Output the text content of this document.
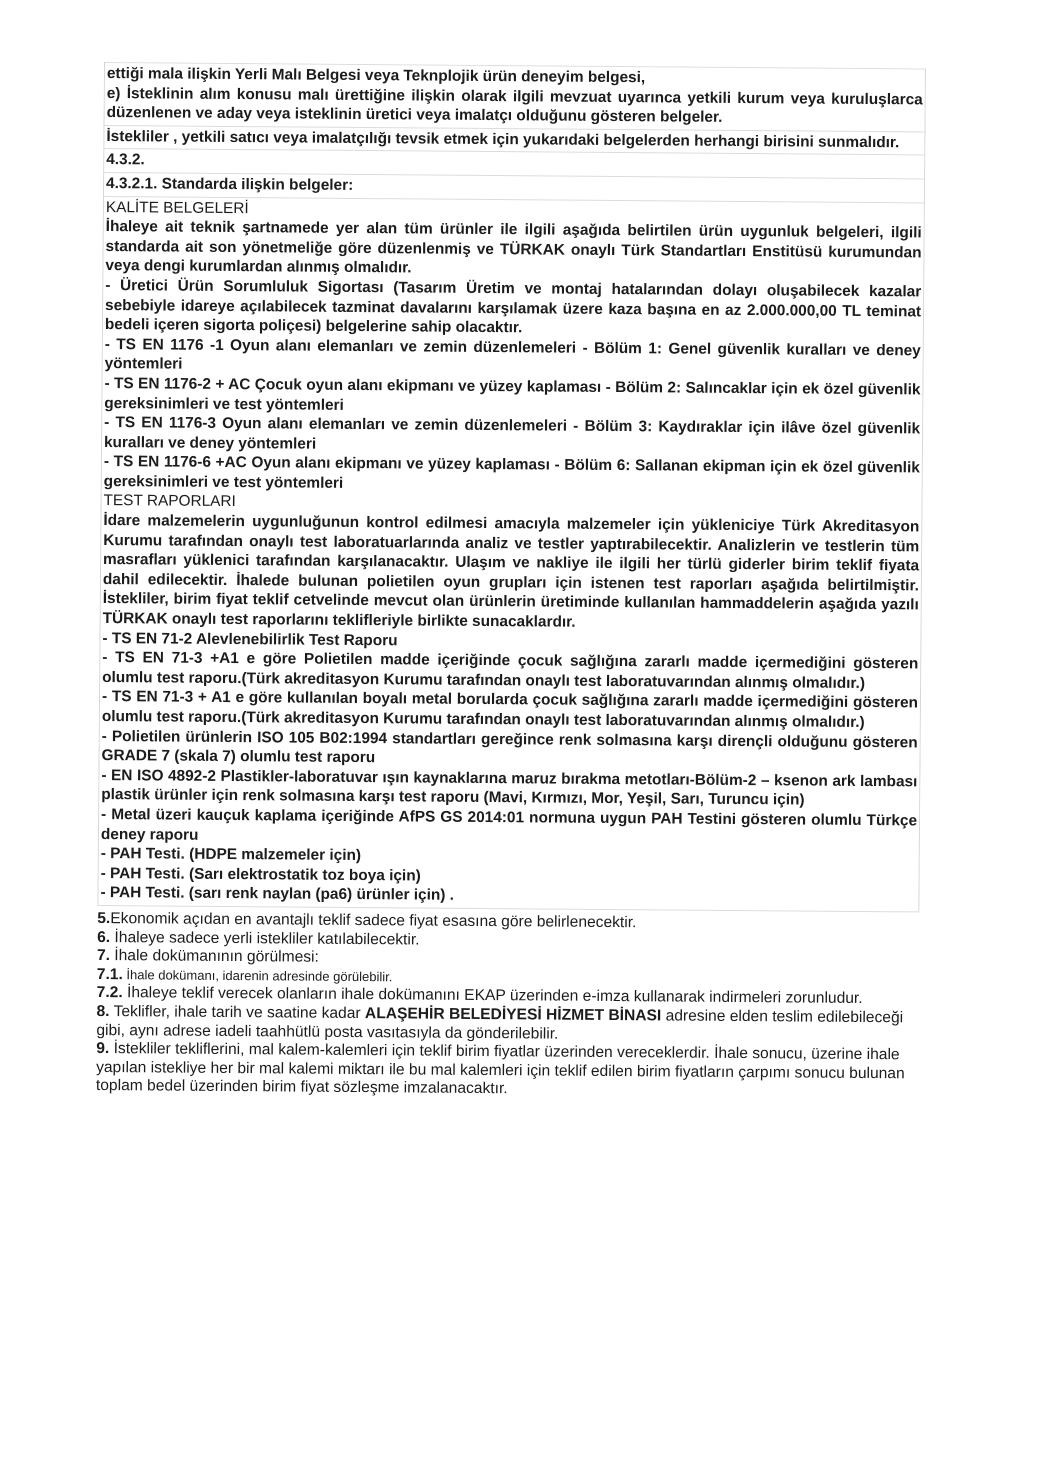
ettiği mala ilişkin Yerli Malı Belgesi veya Teknplojik ürün deneyim belgesi,

e) İsteklinin alım konusu malı ürettiğine ilişkin olarak ilgili mevzuat uyarınca yetkili kurum veya kuruluşlarca düzenlenen ve aday veya isteklinin üretici veya imalatçı olduğunu gösteren belgeler.

İstekliler , yetkili satıcı veya imalatçılığı tevsik etmek için yukarıdaki belgelerden herhangi birisini sunmalıdır.

4.3.2.

4.3.2.1. Standarda ilişkin belgeler:

KALİTE BELGELERİ

İhaleye ait teknik şartnamede yer alan tüm ürünler ile ilgili aşağıda belirtilen ürün uygunluk belgeleri, ilgili standarda ait son yönetmeliğe göre düzenlenmiş ve TÜRKAK onaylı Türk Standartları Enstitüsü kurumundan veya dengi kurumlardan alınmış olmalıdır.

- Üretici Ürün Sorumluluk Sigortası (Tasarım Üretim ve montaj hatalarından dolayı oluşabilecek kazalar sebebiyle idareye açılabilecek tazminat davalarını karşılamak üzere kaza başına en az 2.000.000,00 TL teminat bedeli içeren sigorta poliçesi) belgelerine sahip olacaktır.

- TS EN 1176 -1 Oyun alanı elemanları ve zemin düzenlemeleri - Bölüm 1: Genel güvenlik kuralları ve deney yöntemleri

- TS EN 1176-2 + AC Çocuk oyun alanı ekipmanı ve yüzey kaplaması - Bölüm 2: Salıncaklar için ek özel güvenlik gereksinimleri ve test yöntemleri

- TS EN 1176-3 Oyun alanı elemanları ve zemin düzenlemeleri - Bölüm 3: Kaydıraklar için ilâve özel güvenlik kuralları ve deney yöntemleri

- TS EN 1176-6 +AC Oyun alanı ekipmanı ve yüzey kaplaması - Bölüm 6: Sallanan ekipman için ek özel güvenlik gereksinimleri ve test yöntemleri

TEST RAPORLARI

İdare malzemelerin uygunluğunun kontrol edilmesi amacıyla malzemeler için yükleniciye Türk Akreditasyon Kurumu tarafından onaylı test laboratuarlarında analiz ve testler yaptırabilecektir. Analizlerin ve testlerin tüm masrafları yüklenici tarafından karşılanacaktır. Ulaşım ve nakliye ile ilgili her türlü giderler birim teklif fiyata dahil edilecektir. İhalede bulunan polietilen oyun grupları için istenen test raporları aşağıda belirtilmiştir. İstekliler, birim fiyat teklif cetvelinde mevcut olan ürünlerin üretiminde kullanılan hammaddelerin aşağıda yazılı TÜRKAK onaylı test raporlarını teklifleriyle birlikte sunacaklardır.

- TS EN 71-2 Alevlenebilirlik Test Raporu

- TS EN 71-3 +A1 e göre Polietilen madde içeriğinde çocuk sağlığına zararlı madde içermediğini gösteren olumlu test raporu.(Türk akreditasyon Kurumu tarafından onaylı test laboratuvarından alınmış olmalıdır.)

- TS EN 71-3 + A1 e göre kullanılan boyalı metal borularda çocuk sağlığına zararlı madde içermediğini gösteren olumlu test raporu.(Türk akreditasyon Kurumu tarafından onaylı test laboratuvarından alınmış olmalıdır.)

- Polietilen ürünlerin ISO 105 B02:1994 standartları gereğince renk solmasına karşı dirençli olduğunu gösteren GRADE 7 (skala 7) olumlu test raporu

- EN ISO 4892-2 Plastikler-laboratuvar ışın kaynaklarına maruz bırakma metotları-Bölüm-2 – ksenon ark lambası plastik ürünler için renk solmasına karşı test raporu (Mavi, Kırmızı, Mor, Yeşil, Sarı, Turuncu için)

- Metal üzeri kauçuk kaplama içeriğinde AfPS GS 2014:01 normuna uygun PAH Testini gösteren olumlu Türkçe deney raporu

- PAH Testi. (HDPE malzemeler için)

- PAH Testi. (Sarı elektrostatik toz boya için)

- PAH Testi. (sarı renk naylan (pa6) ürünler için) .

5.Ekonomik açıdan en avantajlı teklif sadece fiyat esasına göre belirlenecektir.

6. İhaleye sadece yerli istekliler katılabilecektir.

7. İhale dokümanının görülmesi:

7.1. İhale dokümanı, idarenin adresinde görülebilir.

7.2. İhaleye teklif verecek olanların ihale dokümanını EKAP üzerinden e-imza kullanarak indirmeleri zorunludur.

8. Teklifler, ihale tarih ve saatine kadar ALAŞEHİR BELEDİYESİ HİZMET BİNASI adresine elden teslim edilebileceği gibi, aynı adrese iadeli taahhütlü posta vasıtasıyla da gönderilebilir.

9. İstekliler tekliflerini, mal kalem-kalemleri için teklif birim fiyatlar üzerinden vereceklerdir. İhale sonucu, üzerine ihale yapılan istekliye her bir mal kalemi miktarı ile bu mal kalemleri için teklif edilen birim fiyatların çarpımı sonucu bulunan toplam bedel üzerinden birim fiyat sözleşme imzalanacaktır.
